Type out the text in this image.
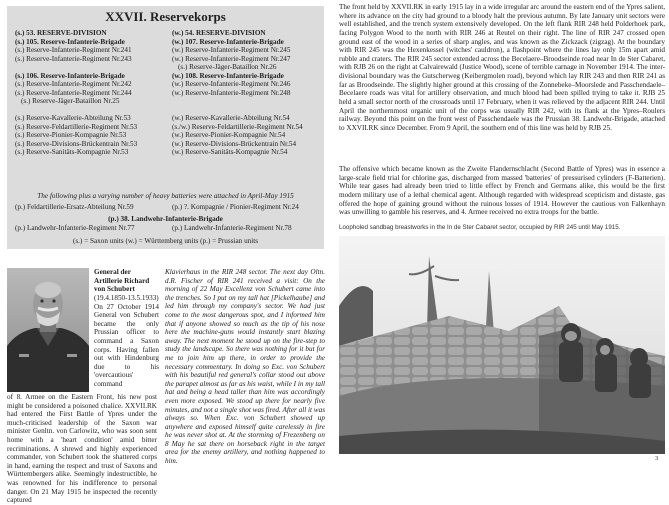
XXVII. Reservekorps
(s.) 53. RESERVE-DIVISION
(s.) 105. Reserve-Infanterie-Brigade
(s.) Reserve-Infanterie-Regiment Nr.241
(s.) Reserve-Infanterie-Regiment Nr.243

(s.) 106. Reserve-Infanterie-Brigade
(s.) Reserve-Infanterie-Regiment Nr.242
(s.) Reserve-Infanterie-Regiment Nr.244
(s.) Reserve-Jäger-Bataillon Nr.25

(s.) Reserve-Kavallerie-Abteilung Nr.53
(s.) Reserve-Feldartillerie-Regiment Nr.53
(s.) Reserve-Pionier-Kompagnie Nr.53
(s.) Reserve-Divisions-Brückentrain Nr.53
(s.) Reserve-Sanitäts-Kompagnie Nr.53
(w.) 54. RESERVE-DIVISION
(w.) 107. Reserve-Infanterie-Brigade
(w.) Reserve-Infanterie-Regiment Nr.245
(w.) Reserve-Infanterie-Regiment Nr.247
(s.) Reserve-Jäger-Bataillon Nr.26
(w.) 108. Reserve-Infanterie-Brigade
(w.) Reserve-Infanterie-Regiment Nr.246
(w.) Reserve-Infanterie-Regiment Nr.248

(w.) Reserve-Kavallerie-Abteilung Nr.54
(s./w.) Reserve-Feldartillerie-Regiment Nr.54
(w.) Reserve-Pionier-Kompagnie Nr.54
(w.) Reserve-Divisions-Brückentrain Nr.54
(w.) Reserve-Sanitäts-Kompagnie Nr.54
The following plus a varying number of heavy batteries were attached in April-May 1915
(p.) Feldartillerie-Ersatz-Abteilung Nr.59	(p.) ?. Kompagnie / Pionier-Regiment Nr.24
(p.) 38. Landwehr-Infanterie-Brigade
(p.) Landwehr-Infanterie-Regiment Nr.77	(p.) Landwehr-Infanterie-Regiment Nr.78
(s.) = Saxon units (w.) = Württemberg units (p.) = Prussian units
General der Artillerie Richard von Schubert
(19.4.1850-13.5.1933) On 27 October 1914 General von Schubert became the only Prussian officer to command a Saxon corps. Having fallen out with Hindenburg due to his 'overcautious' command
of 8. Armee on the Eastern Front, his new post might be considered a poisoned chalice. XXVII.RK had entered the First Battle of Ypres under the much-criticised leadership of the Saxon war minister Genltn. von Carlowitz, who was soon sent home with a 'heart condition' amid bitter recriminations. A shrewd and highly experienced commander, von Schubert took the shattered corps in hand, earning the respect and trust of Saxons and Württembergers alike. Seemingly indestructible, he was renowned for his indifference to personal danger. On 21 May 1915 he inspected the recently captured
Klavierhaus in the RIR 248 sector. The next day Oltn. d.R. Fischer of RIR 241 received a visit: On the morning of 22 May Excellenz von Schubert came into the trenches. So I put on my tall hat [Pickelhaube] and led him through my company's sector. We had just come to the most dangerous spot, and I informed him that if anyone showed so much as the tip of his nose here the machine-guns would instantly start blazing away. The next moment he stood up on the fire-step to study the landscape. So there was nothing for it but for me to join him up there, in order to provide the necessary commentary. In doing so Exc. von Schubert with his beautiful red general's collar stood out above the parapet almost as far as his waist, while I in my tall hat and being a head taller than him was accordingly even more exposed. We stood up there for nearly five minutes, and not a single shot was fired. After all it was always so. When Exc. von Schubert showed up anywhere and exposed himself quite carelessly in fire he was never shot at. At the storming of Frezenberg on 8 May he sat there on horseback right in the target area for the enemy artillery, and nothing happened to him.
The front held by XXVII.RK in early 1915 lay in a wide irregular arc around the eastern end of the Ypres salient, where its advance on the city had ground to a bloody halt the previous autumn. By late January unit sectors were well established, and the trench system extensively developed. On the left flank RIR 248 held Polderhoek park, facing Polygon Wood to the north with RIR 246 at Reutel on their right. The line of RIR 247 crossed open ground east of the wood in a series of sharp angles, and was known as the Zickzack (zigzag). At the boundary with RIR 245 was the Hexenkessel (witches' cauldron), a flashpoint where the lines lay only 15m apart amid rubble and craters. The RIR 245 sector extended across the Becelaere–Broodseinde road near In de Ster Cabaret, with RJB 26 on the right at Calvairewald (Justice Wood), scene of terrible carnage in November 1914. The inter-divisional boundary was the Gutscherweg (Keibergmolen road), beyond which lay RIR 243 and then RIR 241 as far as Broodseinde. The slightly higher ground at this crossing of the Zonnebeke–Moorslede and Passchendaele–Becelaere roads was vital for artillery observation, and much blood had been spilled trying to take it. RJB 25 held a small sector north of the crossroads until 17 February, when it was relieved by the adjacent RIR 244. Until April the northernmost organic unit of the corps was usually RIR 242, with its flank at the Ypres–Roulers railway. Beyond this point on the front west of Passchendaele was the Prussian 38. Landwehr-Brigade, attached to XXVII.RK since December. From 9 April, the southern end of this line was held by RJB 25.
The offensive which became known as the Zweite Flandernschlacht (Second Battle of Ypres) was in essence a large-scale field trial for chlorine gas, discharged from massed 'batteries' of pressurised cylinders (F-Batterien). While tear gases had already been tried to little effect by French and Germans alike, this would be the first modern military use of a lethal chemical agent. Although regarded with widespread scepticism and distaste, gas offered the hope of gaining ground without the ruinous losses of 1914. However the cautious von Falkenhayn was unwilling to gamble his reserves, and 4. Armee received no extra troops for the battle.
Loopholed sandbag breastworks in the In de Ster Cabaret sector, occupied by RIR 245 until May 1915.
3
